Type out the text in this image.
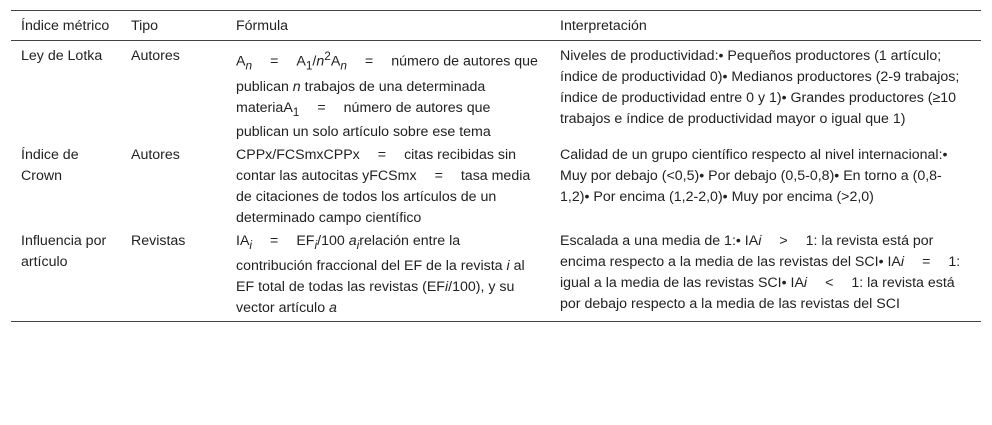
Índice métrico	Tipo	Fórmula	Interpretación
Ley de Lotka	Autores	$A_n = A_1/n^2A_n$ = número de autores que publican n trabajos de una determinada materiaA$_1$ = número de autores que publican un solo artículo sobre ese tema	Niveles de productividad:• Pequeños productores (1 artículo; índice de productividad 0)• Medianos productores (2-9 trabajos; índice de productividad entre 0 y 1)• Grandes productores (≥10 trabajos e índice de productividad mayor o igual que 1)
Índice de Crown	Autores	CPPx/FCSmxCPPx = citas recibidas sin contar las autocitas yFCSmx = tasa media de citaciones de todos los artículos de un determinado campo científico	Calidad de un grupo científico respecto al nivel internacional:• Muy por debajo (<0,5)• Por debajo (0,5-0,8)• En torno a (0,8-1,2)• Por encima (1,2-2,0)• Muy por encima (>2,0)
Influencia por artículo	Revistas	$IA_i = EF_i/100$ $a_irelación$ entre la contribución fraccional del EF de la revista i al EF total de todas las revistas (EFi/100), y su vector artículo a	Escalada a una media de 1:• IAi > 1: la revista está por encima respecto a la media de las revistas del SCI• IAi = 1: igual a la media de las revistas SCI• IAi < 1: la revista está por debajo respecto a la media de las revistas del SCI
